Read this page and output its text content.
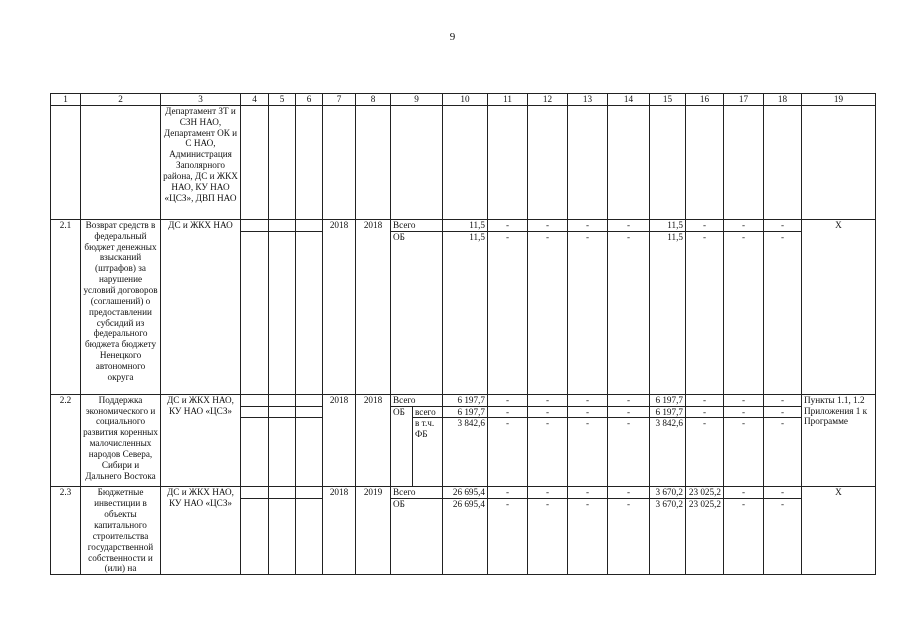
9
1	2	3	4	5	6	7	8	9		10	11	12	13	14	15	16	17	18	19
		Департамент ЗТ и СЗН НАО, Департамент ОК и С НАО, Администрация Заполярного района, ДС и ЖКХ НАО, КУ НАО «ЦСЗ», ДВП НАО																	
2.1	Возврат средств в федеральный бюджет денежных взысканий (штрафов) за нарушение условий договоров (соглашений) о предоставлении субсидий из федерального бюджета бюджету Ненецкого автономного округа	ДС и ЖКХ НАО				2018	2018	Всего		11,5	-	-	-	-	11,5	-	-	-	Х
								ОБ		11,5	-	-	-	-	11,5	-	-	-	
2.2	Поддержка экономического и социального развития коренных малочисленных народов Севера, Сибири и Дальнего Востока	ДС и ЖКХ НАО, КУ НАО «ЦСЗ»				2018	2018	Всего		6 197,7	-	-	-	-	6 197,7	-	-	-	Пункты 1.1, 1.2 Приложения 1 к Программе
								ОБ	всего	6 197,7	-	-	-	-	6 197,7	-	-	-	
									в т.ч. ФБ	3 842,6	-	-	-	-	3 842,6	-	-	-	
2.3	Бюджетные инвестиции в объекты капитального строительства государственной собственности и (или) на	ДС и ЖКХ НАО, КУ НАО «ЦСЗ»				2018	2019	Всего		26 695,4	-	-	-	-	3 670,2	23 025,2	-	-	Х
								ОБ		26 695,4	-	-	-	-	3 670,2	23 025,2	-	-	
